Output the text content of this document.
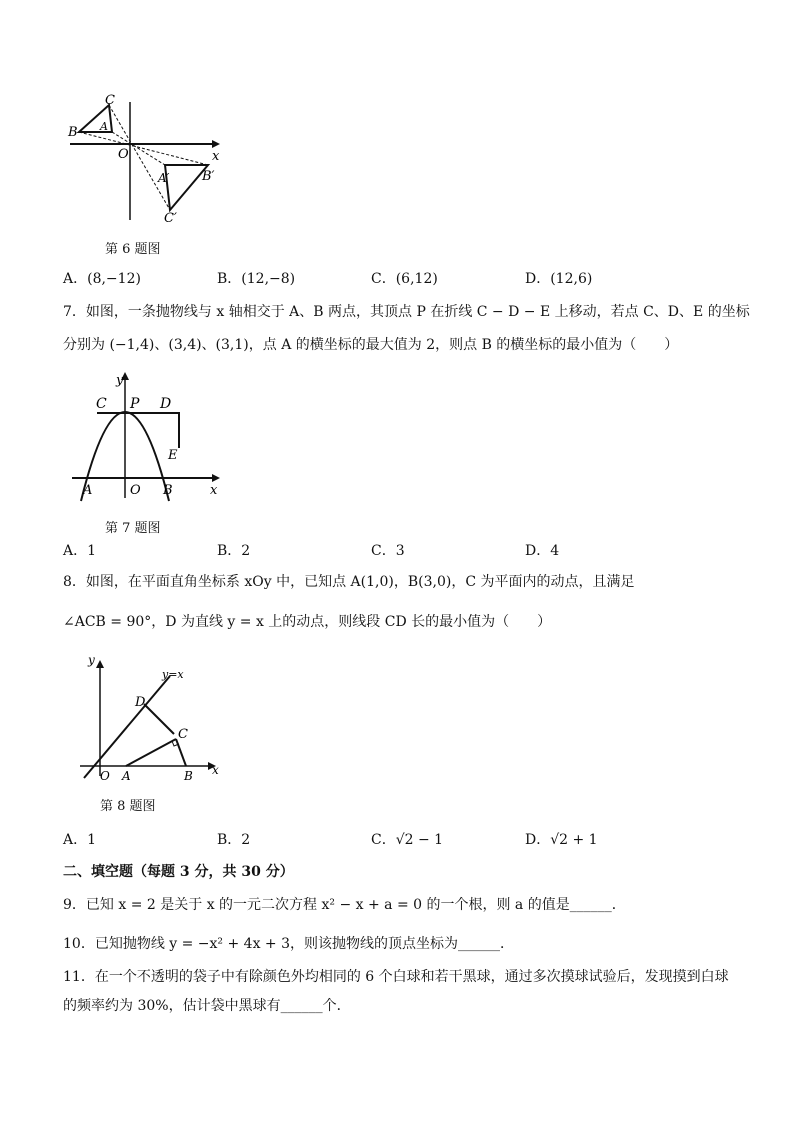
B
C
A
O	x
B′
A′
C′
第 6 题图
A．(8,−12)	B．(12,−8)	C．(6,12)	D．(12,6)
7．如图，一条抛物线与 x 轴相交于 A、B 两点，其顶点 P 在折线 C − D − E 上移动，若点 C、D、E 的坐标
分别为 (−1,4)、(3,4)、(3,1)，点 A 的横坐标的最大值为 2，则点 B 的横坐标的最小值为（　　）
y
C P D
E
A	O B	x
第 7 题图
A．1	B．2	C．3	D．4
8．如图，在平面直角坐标系 xOy 中，已知点 A(1,0)，B(3,0)，C 为平面内的动点，且满足
∠ACB = 90°，D 为直线 y = x 上的动点，则线段 CD 长的最小值为（　　）
y
y=x
D
C
O A	B x
第 8 题图
A．1	B．2	C．√2 − 1	D．√2 + 1
二、填空题（每题 3 分，共 30 分）
9．已知 x = 2 是关于 x 的一元二次方程 x² − x + a = 0 的一个根，则 a 的值是______．
10．已知抛物线 y = −x² + 4x + 3，则该抛物线的顶点坐标为______．
11．在一个不透明的袋子中有除颜色外均相同的 6 个白球和若干黑球，通过多次摸球试验后，发现摸到白球
的频率约为 30%，估计袋中黑球有______个．
